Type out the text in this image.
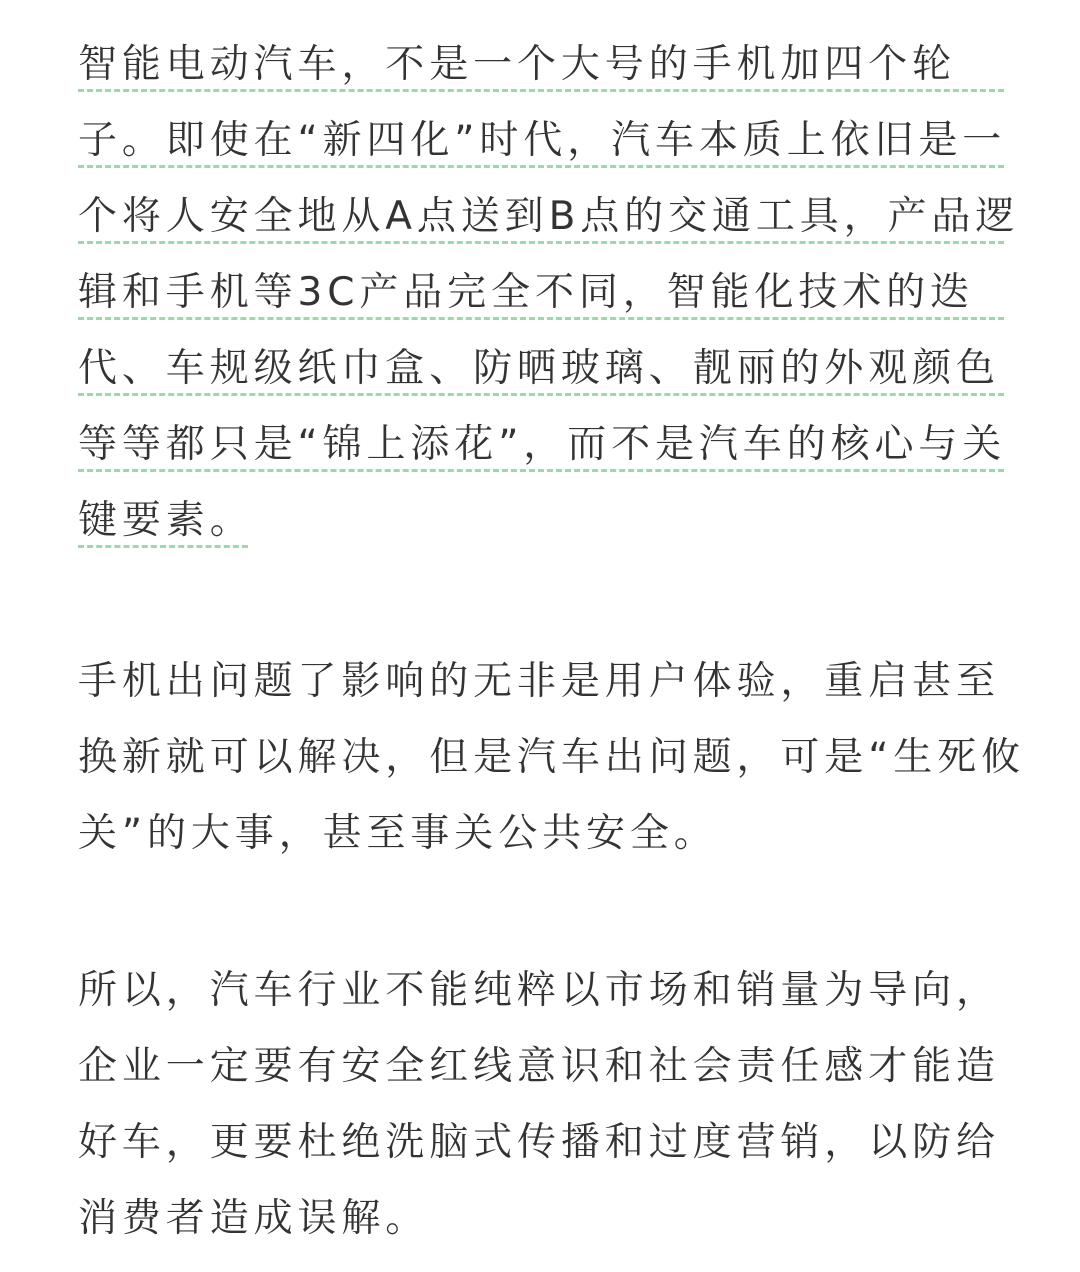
智能电动汽车，不是一个大号的手机加四个轮
子。即使在“新四化”时代，汽车本质上依旧是一
个将人安全地从A点送到B点的交通工具，产品逻
辑和手机等3C产品完全不同，智能化技术的迭
代、车规级纸巾盒、防晒玻璃、靓丽的外观颜色
等等都只是“锦上添花”，而不是汽车的核心与关
键要素。
手机出问题了影响的无非是用户体验，重启甚至
换新就可以解决，但是汽车出问题，可是“生死攸
关”的大事，甚至事关公共安全。
所以，汽车行业不能纯粹以市场和销量为导向，
企业一定要有安全红线意识和社会责任感才能造
好车，更要杜绝洗脑式传播和过度营销，以防给
消费者造成误解。
